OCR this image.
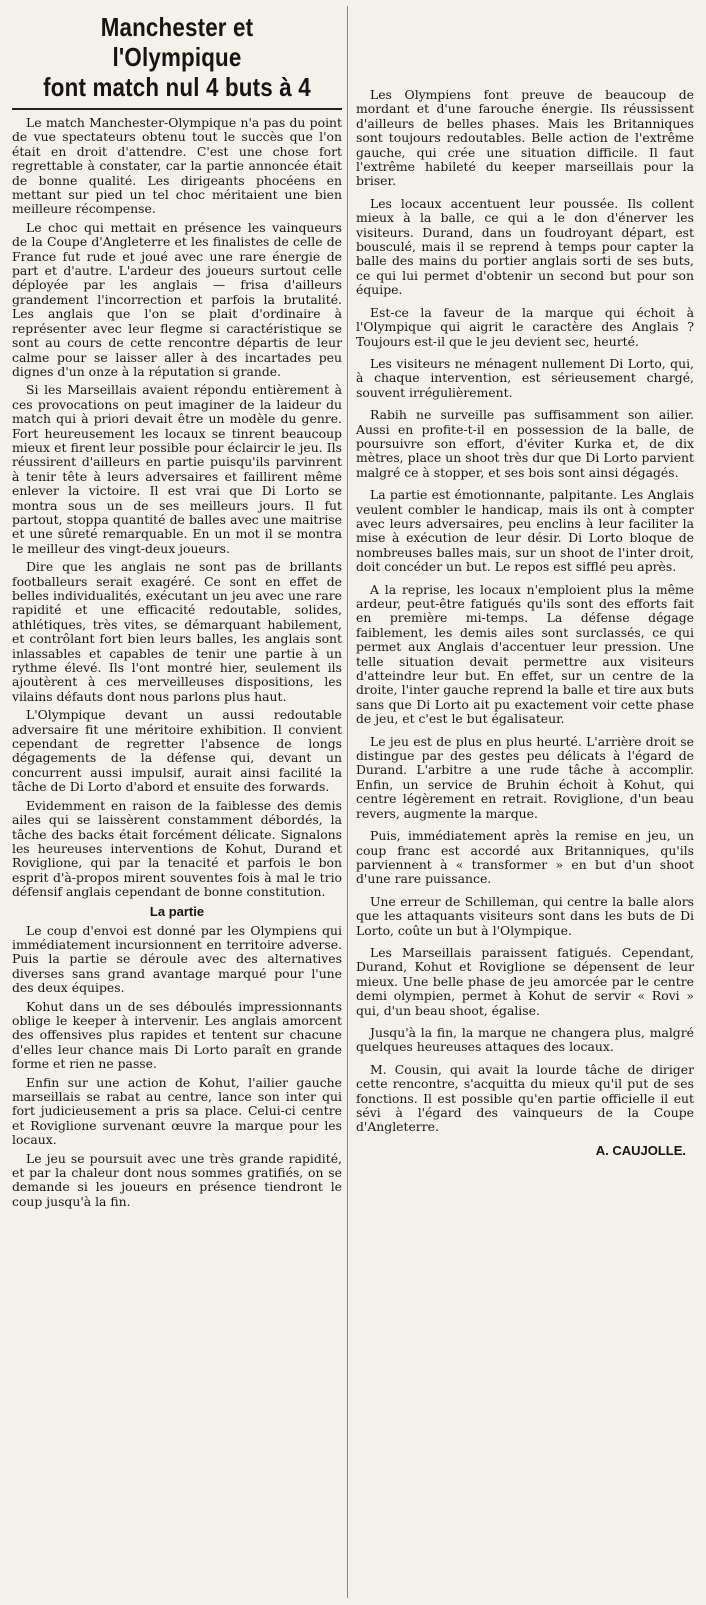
Manchester et l'Olympique
font match nul 4 buts à 4

Le match Manchester-Olympique n'a pas du point de vue spectateurs obtenu tout le succès que l'on était en droit d'attendre. C'est une chose fort regrettable à constater, car la partie annoncée était de bonne qualité. Les dirigeants phocéens en mettant sur pied un tel choc méritaient une bien meilleure récompense.

Le choc qui mettait en présence les vainqueurs de la Coupe d'Angleterre et les finalistes de celle de France fut rude et joué avec une rare énergie de part et d'autre. L'ardeur des joueurs surtout celle déployée par les anglais — frisa d'ailleurs grandement l'incorrection et parfois la brutalité. Les anglais que l'on se plait d'ordinaire à représenter avec leur flegme si caractéristique se sont au cours de cette rencontre départis de leur calme pour se laisser aller à des incartades peu dignes d'un onze à la réputation si grande.

Si les Marseillais avaient répondu entièrement à ces provocations on peut imaginer de la laideur du match qui à priori devait être un modèle du genre. Fort heureusement les locaux se tinrent beaucoup mieux et firent leur possible pour éclaircir le jeu. Ils réussirent d'ailleurs en partie puisqu'ils parvinrent à tenir tête à leurs adversaires et faillirent même enlever la victoire. Il est vrai que Di Lorto se montra sous un de ses meilleurs jours. Il fut partout, stoppa quantité de balles avec une maitrise et une sûreté remarquable. En un mot il se montra le meilleur des vingt-deux joueurs.

Dire que les anglais ne sont pas de brillants footballeurs serait exagéré. Ce sont en effet de belles individualités, exécutant un jeu avec une rare rapidité et une efficacité redoutable, solides, athlétiques, très vites, se démarquant habilement, et contrôlant fort bien leurs balles, les anglais sont inlassables et capables de tenir une partie à un rythme élevé. Ils l'ont montré hier, seulement ils ajoutèrent à ces merveilleuses dispositions, les vilains défauts dont nous parlons plus haut.

L'Olympique devant un aussi redoutable adversaire fit une méritoire exhibition. Il convient cependant de regretter l'absence de longs dégagements de la défense qui, devant un concurrent aussi impulsif, aurait ainsi facilité la tâche de Di Lorto d'abord et ensuite des forwards.

Evidemment en raison de la faiblesse des demis ailes qui se laissèrent constamment débordés, la tâche des backs était forcément délicate. Signalons les heureuses interventions de Kohut, Durand et Roviglione, qui par la tenacité et parfois le bon esprit d'à-propos mirent souventes fois à mal le trio défensif anglais cependant de bonne constitution.

La partie

Le coup d'envoi est donné par les Olympiens qui immédiatement incursionnent en territoire adverse. Puis la partie se déroule avec des alternatives diverses sans grand avantage marqué pour l'une des deux équipes.

Kohut dans un de ses déboulés impressionnants oblige le keeper à intervenir. Les anglais amorcent des offensives plus rapides et tentent sur chacune d'elles leur chance mais Di Lorto paraît en grande forme et rien ne passe.

Enfin sur une action de Kohut, l'ailier gauche marseillais se rabat au centre, lance son inter qui fort judicieusement a pris sa place. Celui-ci centre et Roviglione survenant œuvre la marque pour les locaux.

Le jeu se poursuit avec une très grande rapidité, et par la chaleur dont nous sommes gratifiés, on se demande si les joueurs en présence tiendront le coup jusqu'à la fin.

Les Olympiens font preuve de beaucoup de mordant et d'une farouche énergie. Ils réussissent d'ailleurs de belles phases. Mais les Britanniques sont toujours redoutables. Belle action de l'extrême gauche, qui crée une situation difficile. Il faut l'extrême habileté du keeper marseillais pour la briser.

Les locaux accentuent leur poussée. Ils collent mieux à la balle, ce qui a le don d'énerver les visiteurs. Durand, dans un foudroyant départ, est bousculé, mais il se reprend à temps pour capter la balle des mains du portier anglais sorti de ses buts, ce qui lui permet d'obtenir un second but pour son équipe.

Est-ce la faveur de la marque qui échoit à l'Olympique qui aigrit le caractère des Anglais ? Toujours est-il que le jeu devient sec, heurté.

Les visiteurs ne ménagent nullement Di Lorto, qui, à chaque intervention, est sérieusement chargé, souvent irrégulièrement.

Rabih ne surveille pas suffisamment son ailier. Aussi en profite-t-il en possession de la balle, de poursuivre son effort, d'éviter Kurka et, de dix mètres, place un shoot très dur que Di Lorto parvient malgré ce à stopper, et ses bois sont ainsi dégagés.

La partie est émotionnante, palpitante. Les Anglais veulent combler le handicap, mais ils ont à compter avec leurs adversaires, peu enclins à leur faciliter la mise à exécution de leur désir. Di Lorto bloque de nombreuses balles mais, sur un shoot de l'inter droit, doit concéder un but. Le repos est sifflé peu après.

A la reprise, les locaux n'emploient plus la même ardeur, peut-être fatigués qu'ils sont des efforts fait en première mi-temps. La défense dégage faiblement, les demis ailes sont surclassés, ce qui permet aux Anglais d'accentuer leur pression. Une telle situation devait permettre aux visiteurs d'atteindre leur but. En effet, sur un centre de la droite, l'inter gauche reprend la balle et tire aux buts sans que Di Lorto ait pu exactement voir cette phase de jeu, et c'est le but égalisateur.

Le jeu est de plus en plus heurté. L'arrière droit se distingue par des gestes peu délicats à l'égard de Durand. L'arbitre a une rude tâche à accomplir. Enfin, un service de Bruhin échoit à Kohut, qui centre légèrement en retrait. Roviglione, d'un beau revers, augmente la marque.

Puis, immédiatement après la remise en jeu, un coup franc est accordé aux Britanniques, qu'ils parviennent à « transformer » en but d'un shoot d'une rare puissance.

Une erreur de Schilleman, qui centre la balle alors que les attaquants visiteurs sont dans les buts de Di Lorto, coûte un but à l'Olympique.

Les Marseillais paraissent fatigués. Cependant, Durand, Kohut et Roviglione se dépensent de leur mieux. Une belle phase de jeu amorcée par le centre demi olympien, permet à Kohut de servir « Rovi » qui, d'un beau shoot, égalise.

Jusqu'à la fin, la marque ne changera plus, malgré quelques heureuses attaques des locaux.

M. Cousin, qui avait la lourde tâche de diriger cette rencontre, s'acquitta du mieux qu'il put de ses fonctions. Il est possible qu'en partie officielle il eut sévi à l'égard des vainqueurs de la Coupe d'Angleterre.

A. CAUJOLLE.
